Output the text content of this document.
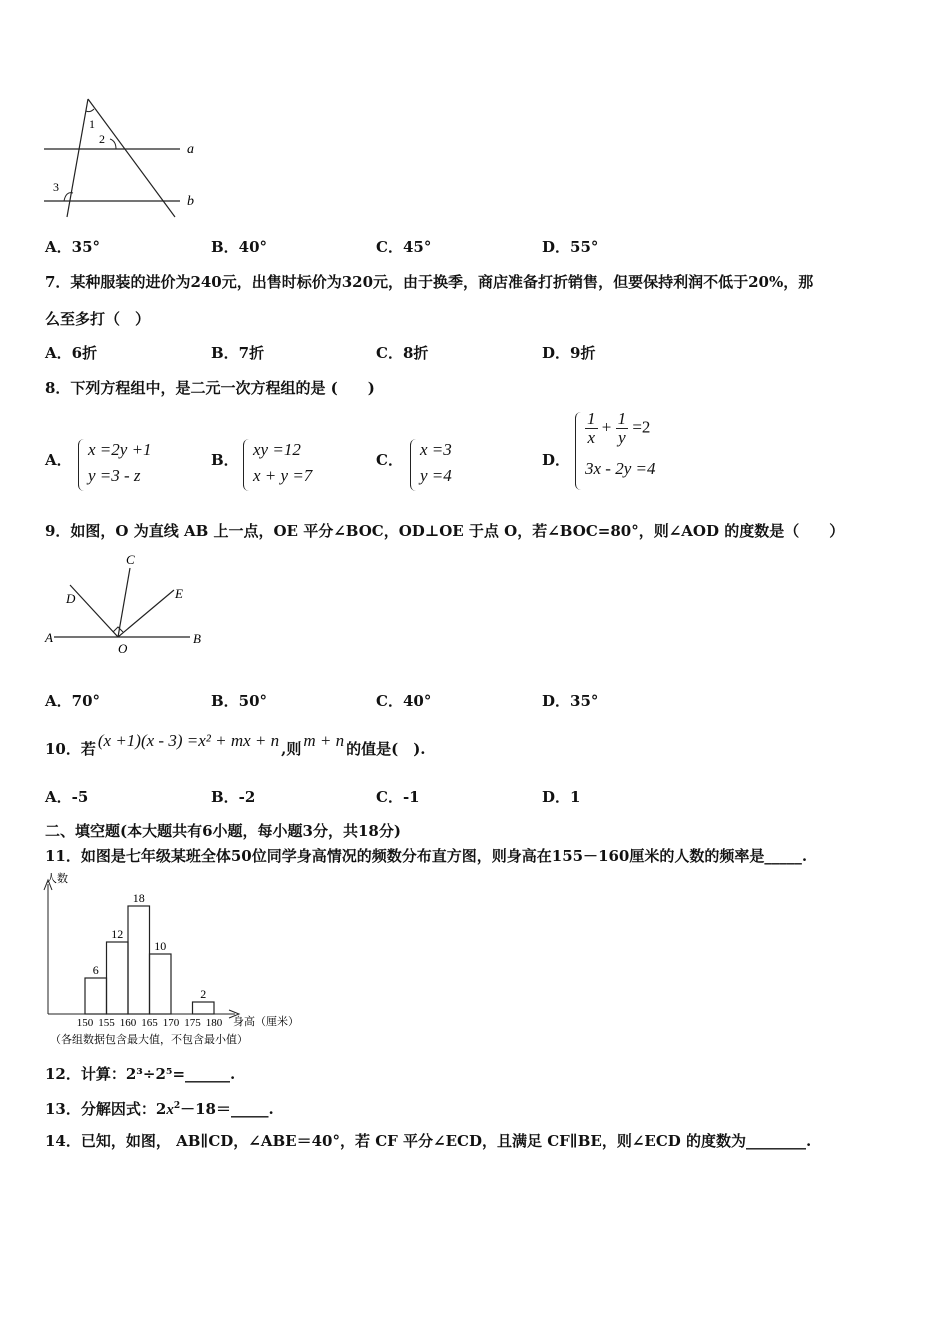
1
2
3
a
b
A．35°	B．40°	C．45°	D．55°
7．某种服装的进价为240元，出售时标价为320元，由于换季，商店准备打折销售，但要保持利润不低于20%，那
么至多打（　）
A．6折	B．7折	C．8折	D．9折
8．下列方程组中，是二元一次方程组的是 (　　)
A．
x =2y +1
y =3 - z
B．
xy =12
x + y =7
C．
x =3
y =4
D．
$\frac{1}{x} + \frac{1}{y} =2$
3x - 2y =4
9．如图，O 为直线 AB 上一点，OE 平分∠BOC，OD⊥OE 于点 O，若∠BOC=80°，则∠AOD 的度数是（　　）
A	B
C
D	E
O
A．70°	B．50°	C．40°	D．35°
10．若 (x +1)(x - 3) =x² + mx + n ,则 m + n 的值是(　).
A．-5	B．-2	C．-1	D．1
二、填空题(本大题共有6小题，每小题3分，共18分)
11．如图是七年级某班全体50位同学身高情况的频数分布直方图，则身高在155－160厘米的人数的频率是_____.
人数
身高（厘米）
（各组数据包含最大值，不包含最小值）
6
12
18
10
2
150 155 160 165 170 175 180
12．计算：2³÷2⁵=______.
13．分解因式：$2x^2-18=\_\_\_\_\_$.
14．已知，如图， AB∥CD，∠ABE＝40°，若 CF 平分∠ECD，且满足 CF∥BE，则∠ECD 的度数为________.
